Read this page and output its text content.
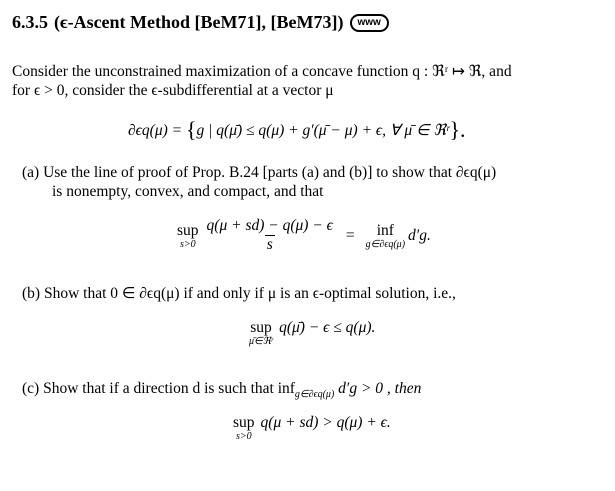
6.3.5 (ϵ-Ascent Method [BeM71], [BeM73])	www
Consider the unconstrained maximization of a concave function q : ℜʳ ↦ ℜ, and
for ϵ > 0, consider the ϵ-subdifferential at a vector μ
∂ϵq(μ) = {g | q(μ̄) ≤ q(μ) + g′(μ̄ − μ) + ϵ, ∀ μ̄ ∈ ℜʳ}.
(a) Use the line of proof of Prop. B.24 [parts (a) and (b)] to show that ∂ϵq(μ)
is nonempty, convex, and compact, and that
sup
$s>0 \frac{q(\mu + sd) - q(\mu) - \epsilon}{s}$ = inf
g∈∂ϵq(μ)
d′g.
(b) Show that 0 ∈ ∂ϵq(μ) if and only if μ is an ϵ-optimal solution, i.e.,
sup
μ̄∈ℜʳ
q(μ̄) − ϵ ≤ q(μ).
(c) Show that if a direction d is such that inf$_{g\in\partial\epsilon q(\mu)}$ d′g > 0 , then
sup
s>0
q(μ + sd) > q(μ) + ϵ.
